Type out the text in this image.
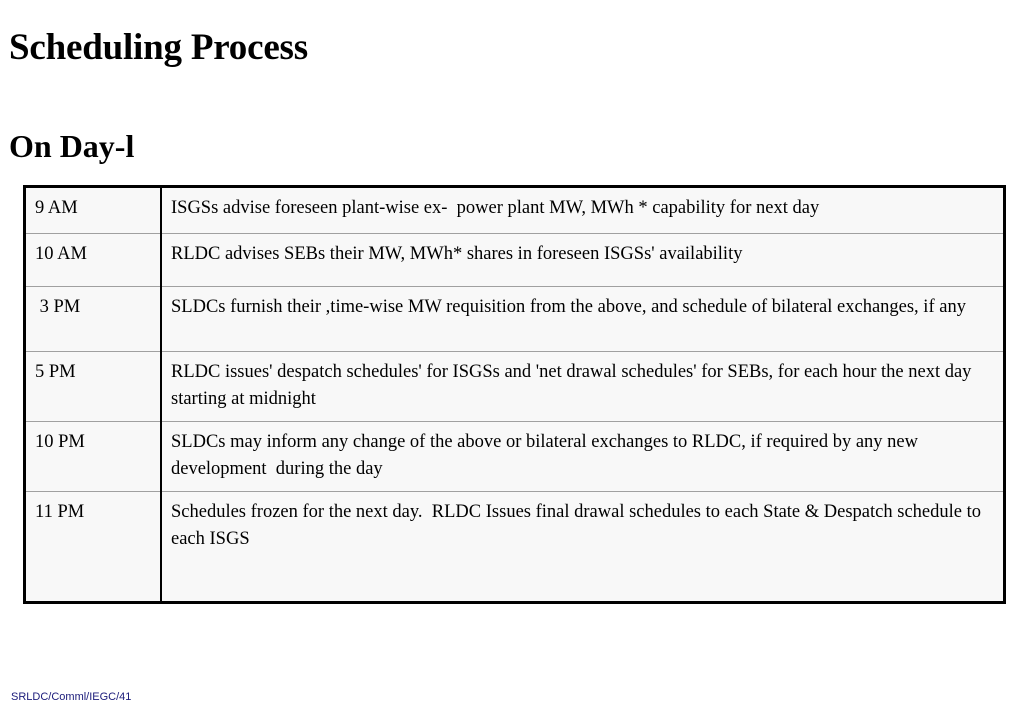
Scheduling Process
On Day-l
9 AM	ISGSs advise foreseen plant-wise ex-  power plant MW, MWh * capability for next day
10 AM	RLDC advises SEBs their MW, MWh* shares in foreseen ISGSs' availability
3 PM	SLDCs furnish their ,time-wise MW requisition from the above, and schedule of bilateral exchanges, if any
5 PM	RLDC issues' despatch schedules' for ISGSs and 'net drawal schedules' for SEBs, for each hour the next day starting at midnight
10 PM	SLDCs may inform any change of the above or bilateral exchanges to RLDC, if required by any new development  during the day
11 PM	Schedules frozen for the next day.  RLDC Issues final drawal schedules to each State & Despatch schedule to each ISGS

SRLDC/Comml/IEGC/41
